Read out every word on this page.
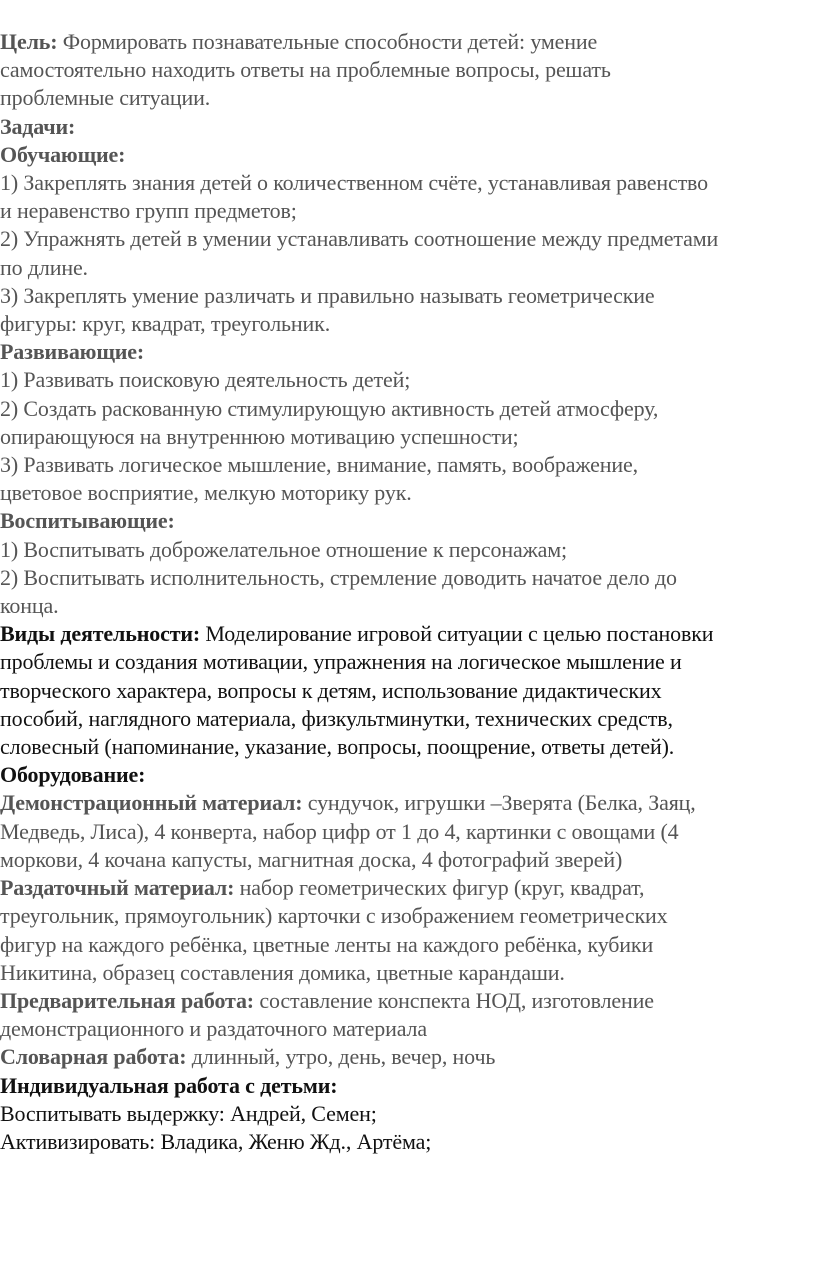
Цель: Формировать познавательные способности детей: умение
самостоятельно находить ответы на проблемные вопросы, решать
проблемные ситуации.
Задачи:
Обучающие:
1) Закреплять знания детей о количественном счёте, устанавливая равенство
и неравенство групп предметов;
2) Упражнять детей в умении устанавливать соотношение между предметами
по длине.
3) Закреплять умение различать и правильно называть геометрические
фигуры: круг, квадрат, треугольник.
Развивающие:
1) Развивать поисковую деятельность детей;
2) Создать раскованную стимулирующую активность детей атмосферу,
опирающуюся на внутреннюю мотивацию успешности;
3) Развивать логическое мышление, внимание, память, воображение,
цветовое восприятие, мелкую моторику рук.
Воспитывающие:
1) Воспитывать доброжелательное отношение к персонажам;
2) Воспитывать исполнительность, стремление доводить начатое дело до
конца.
Виды деятельности: Моделирование игровой ситуации с целью постановки
проблемы и создания мотивации, упражнения на логическое мышление и
творческого характера, вопросы к детям, использование дидактических
пособий, наглядного материала, физкультминутки, технических средств,
словесный (напоминание, указание, вопросы, поощрение, ответы детей).
Оборудование:
Демонстрационный материал: сундучок, игрушки –Зверята (Белка, Заяц,
Медведь, Лиса), 4 конверта, набор цифр от 1 до 4, картинки с овощами (4
моркови, 4 кочана капусты, магнитная доска, 4 фотографий зверей)
Раздаточный материал: набор геометрических фигур (круг, квадрат,
треугольник, прямоугольник) карточки с изображением геометрических
фигур на каждого ребёнка, цветные ленты на каждого ребёнка, кубики
Никитина, образец составления домика, цветные карандаши.
Предварительная работа: составление конспекта НОД, изготовление
демонстрационного и раздаточного материала
Словарная работа: длинный, утро, день, вечер, ночь
Индивидуальная работа с детьми:
Воспитывать выдержку: Андрей, Семен;
Активизировать: Владика, Женю Жд., Артёма;
